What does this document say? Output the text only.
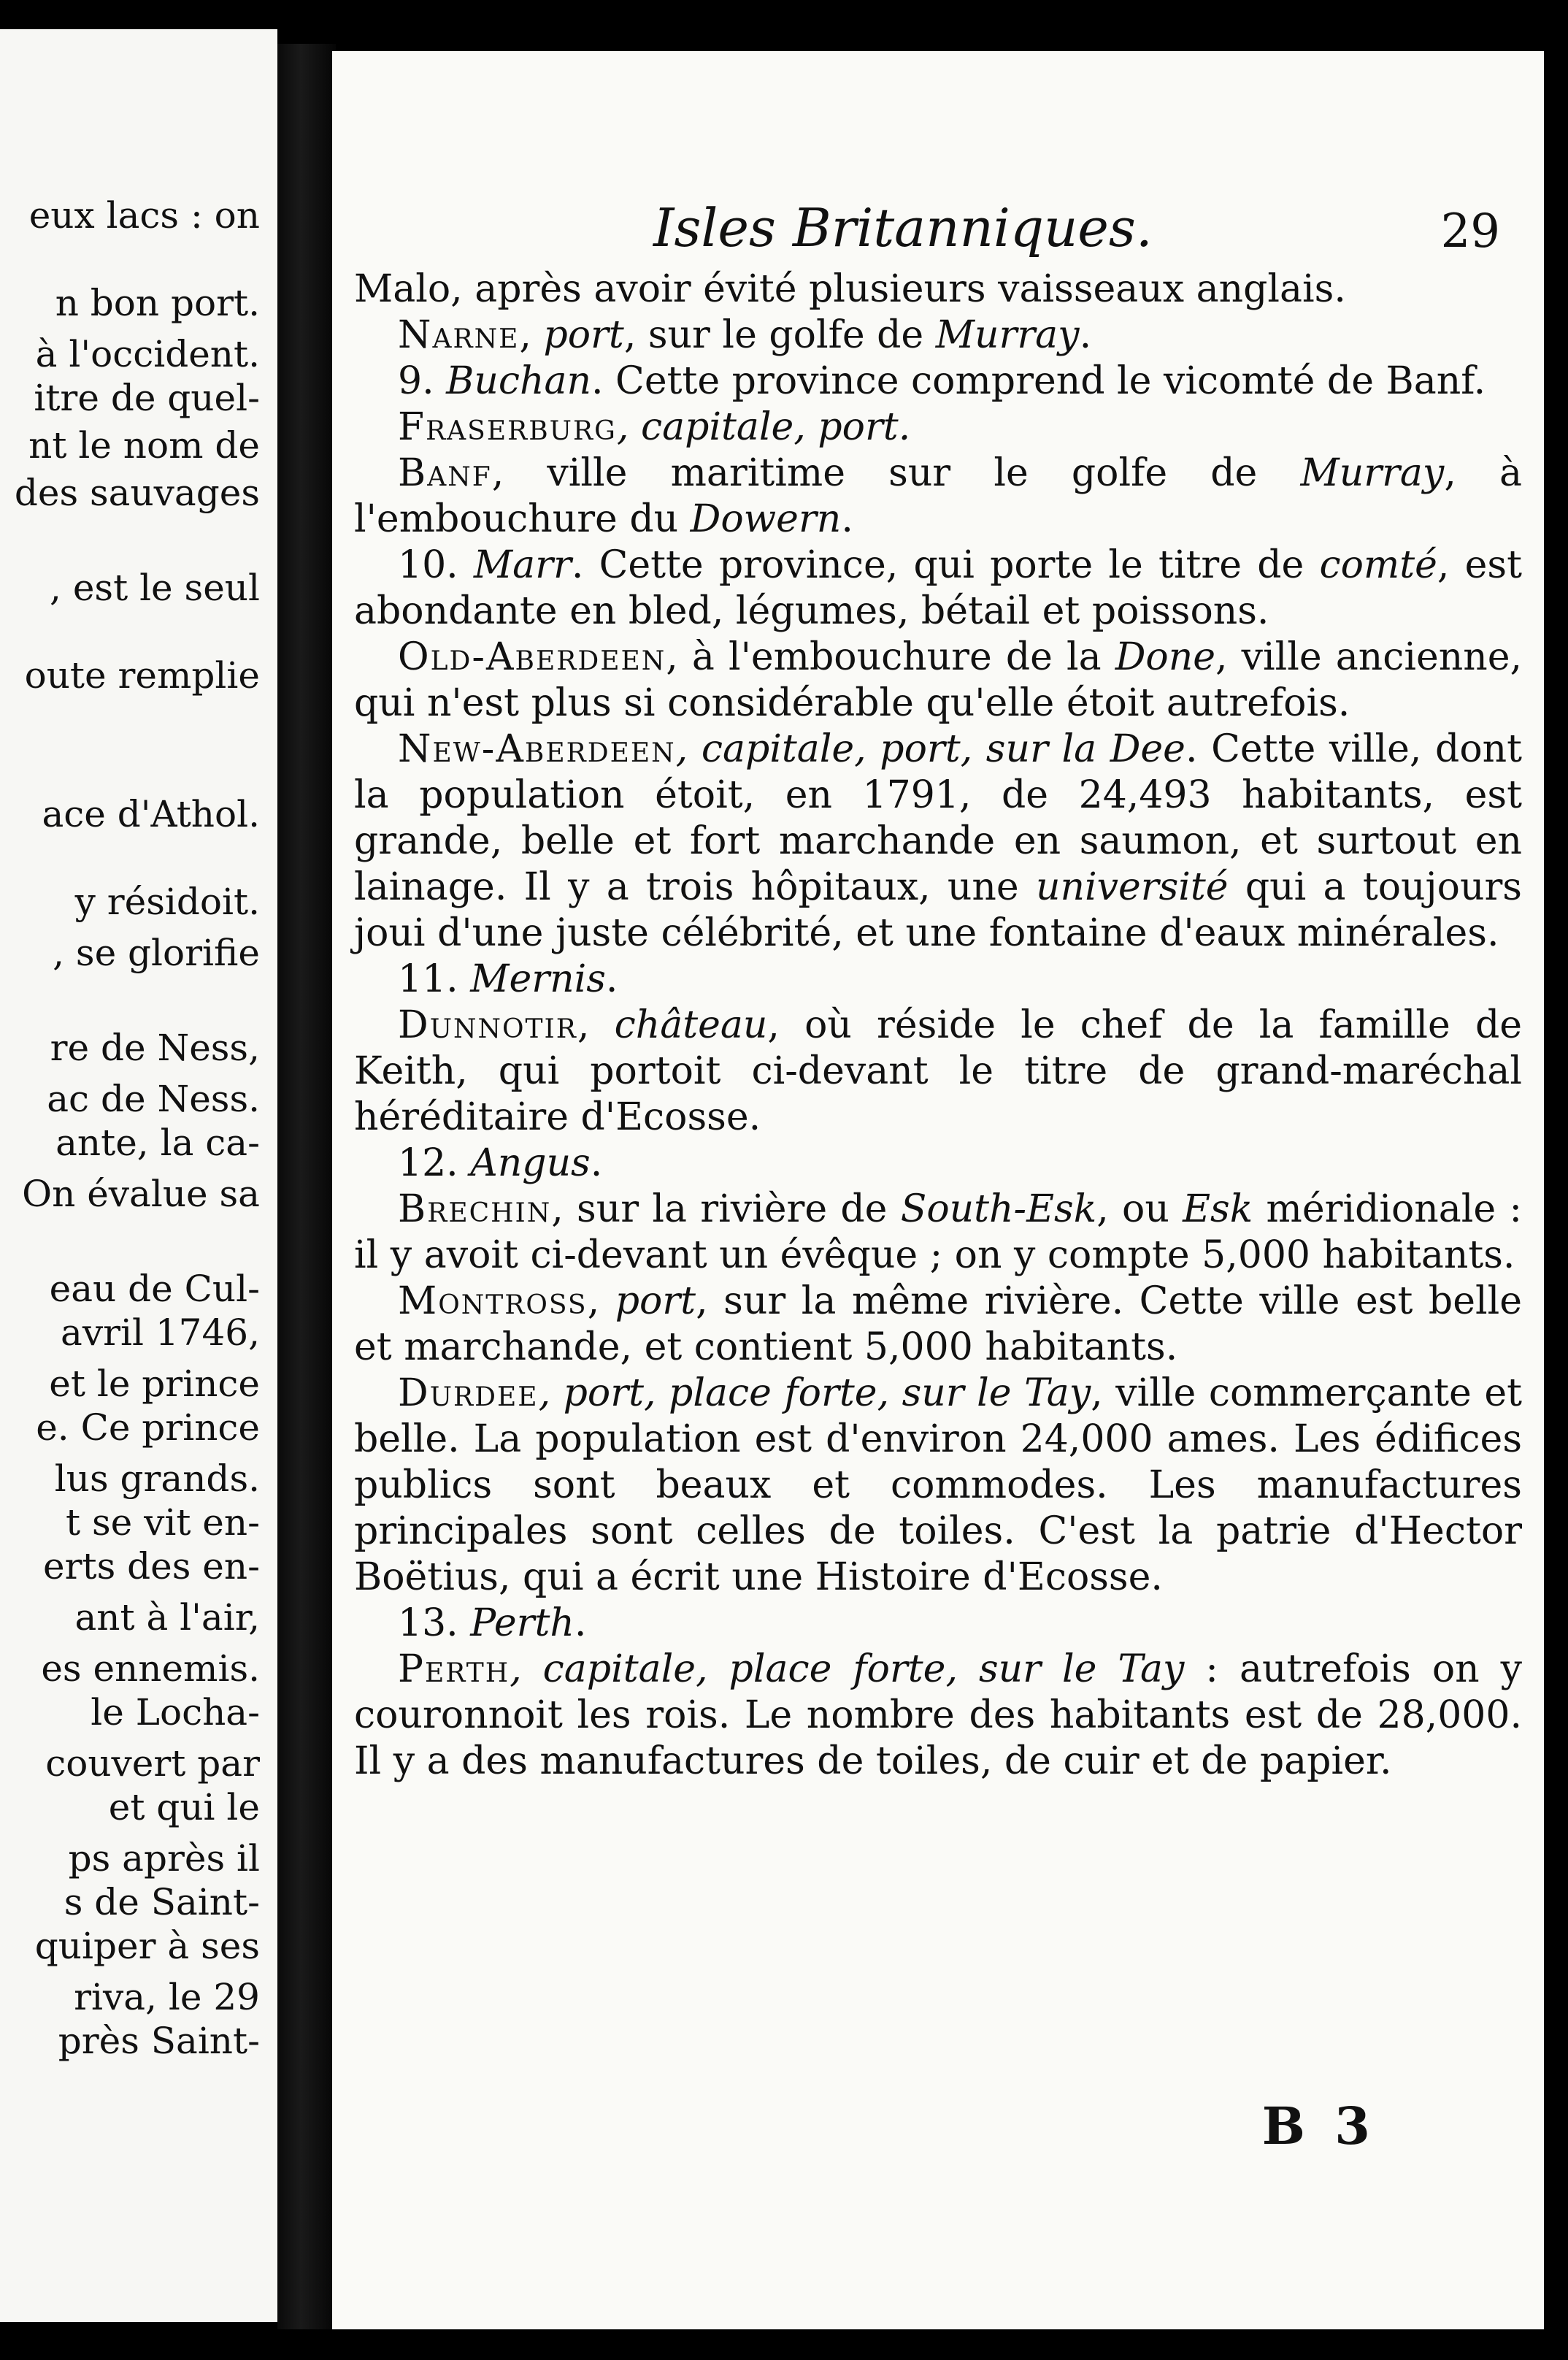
eux lacs : on
n bon port.
à l'occident.
itre de quel-
nt le nom de
des sauvages
, est le seul
oute remplie
ace d'Athol.
y résidoit.
, se glorifie
re de Ness,
ac de Ness.
ante, la ca-
On évalue sa
eau de Cul-
avril 1746,
et le prince
e. Ce prince
lus grands.
t se vit en-
erts des en-
ant à l'air,
es ennemis.
le Locha-
couvert par
et qui le
ps après il
s de Saint-
quiper à ses
riva, le 29
près Saint-
Isles Britanniques.	29

Malo, après avoir évité plusieurs vaisseaux anglais.

Narne, port, sur le golfe de Murray.

9. Buchan. Cette province comprend le vicomté de Banf.

Fraserburg, capitale, port.

Banf, ville maritime sur le golfe de Murray, à l'embouchure du Dowern.

10. Marr. Cette province, qui porte le titre de comté, est abondante en bled, légumes, bétail et poissons.

Old-Aberdeen, à l'embouchure de la Done, ville ancienne, qui n'est plus si considérable qu'elle étoit autrefois.

New-Aberdeen, capitale, port, sur la Dee. Cette ville, dont la population étoit, en 1791, de 24,493 habitants, est grande, belle et fort marchande en saumon, et surtout en lainage. Il y a trois hôpitaux, une université qui a toujours joui d'une juste célébrité, et une fontaine d'eaux minérales.

11. Mernis.

Dunnotir, château, où réside le chef de la famille de Keith, qui portoit ci-devant le titre de grand-maréchal héréditaire d'Ecosse.

12. Angus.

Brechin, sur la rivière de South-Esk, ou Esk méridionale : il y avoit ci-devant un évêque ; on y compte 5,000 habitants.

Montross, port, sur la même rivière. Cette ville est belle et marchande, et contient 5,000 habitants.

Durdee, port, place forte, sur le Tay, ville commerçante et belle. La population est d'environ 24,000 ames. Les édifices publics sont beaux et commodes. Les manufactures principales sont celles de toiles. C'est la patrie d'Hector Boëtius, qui a écrit une Histoire d'Ecosse.

13. Perth.

Perth, capitale, place forte, sur le Tay : autrefois on y couronnoit les rois. Le nombre des habitants est de 28,000. Il y a des manufactures de toiles, de cuir et de papier.

B 3
